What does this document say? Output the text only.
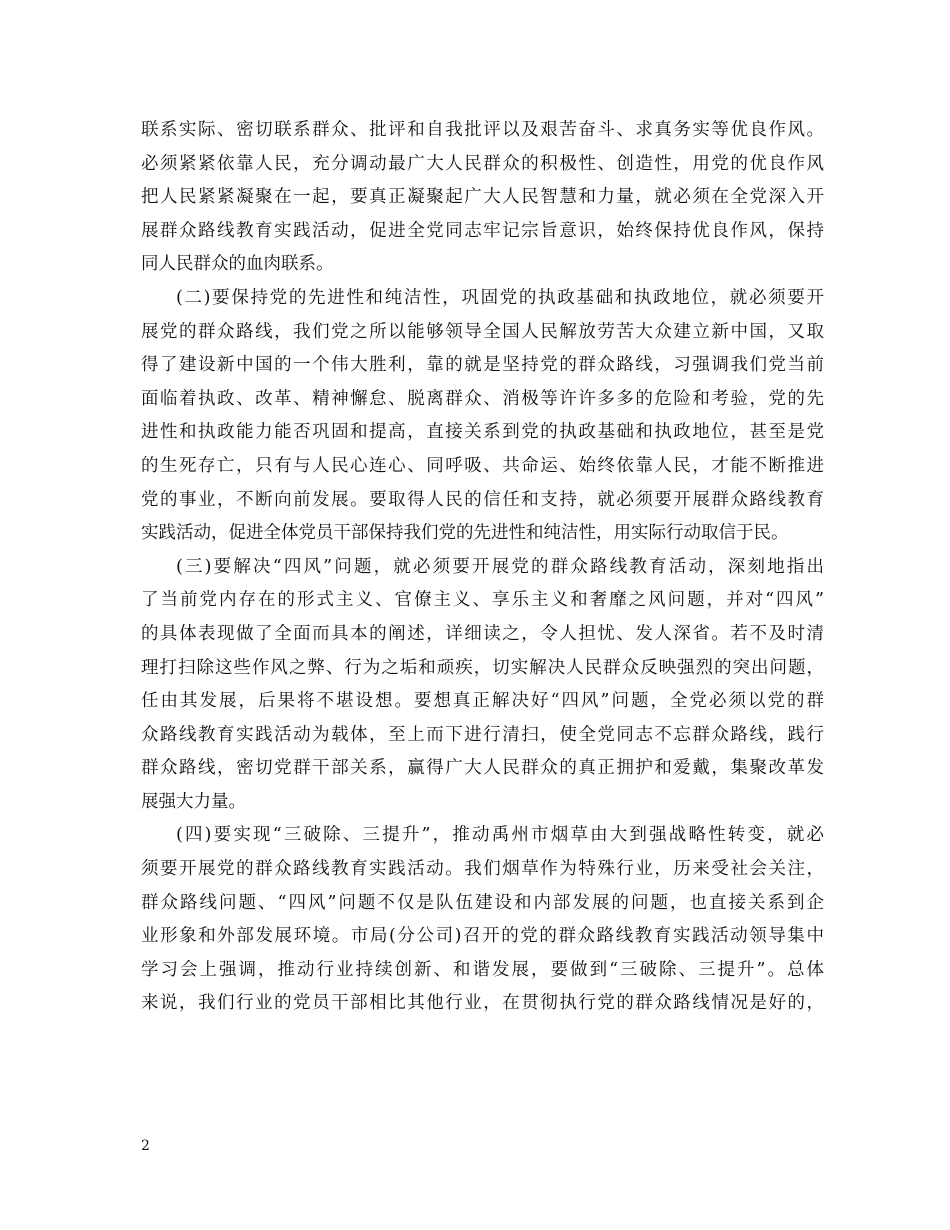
联系实际、密切联系群众、批评和自我批评以及艰苦奋斗、求真务实等优良作风。
必须紧紧依靠人民，充分调动最广大人民群众的积极性、创造性，用党的优良作风
把人民紧紧凝聚在一起，要真正凝聚起广大人民智慧和力量，就必须在全党深入开
展群众路线教育实践活动，促进全党同志牢记宗旨意识，始终保持优良作风，保持
同人民群众的血肉联系。
(二)要保持党的先进性和纯洁性，巩固党的执政基础和执政地位，就必须要开
展党的群众路线，我们党之所以能够领导全国人民解放劳苦大众建立新中国，又取
得了建设新中国的一个伟大胜利，靠的就是坚持党的群众路线，习强调我们党当前
面临着执政、改革、精神懈怠、脱离群众、消极等许许多多的危险和考验，党的先
进性和执政能力能否巩固和提高，直接关系到党的执政基础和执政地位，甚至是党
的生死存亡，只有与人民心连心、同呼吸、共命运、始终依靠人民，才能不断推进
党的事业，不断向前发展。要取得人民的信任和支持，就必须要开展群众路线教育
实践活动，促进全体党员干部保持我们党的先进性和纯洁性，用实际行动取信于民。
(三)要解决“四风”问题，就必须要开展党的群众路线教育活动，深刻地指出
了当前党内存在的形式主义、官僚主义、享乐主义和奢靡之风问题，并对“四风”
的具体表现做了全面而具本的阐述，详细读之，令人担忧、发人深省。若不及时清
理打扫除这些作风之弊、行为之垢和顽疾，切实解决人民群众反映强烈的突出问题，
任由其发展，后果将不堪设想。要想真正解决好“四风”问题，全党必须以党的群
众路线教育实践活动为载体，至上而下进行清扫，使全党同志不忘群众路线，践行
群众路线，密切党群干部关系，赢得广大人民群众的真正拥护和爱戴，集聚改革发
展强大力量。
(四)要实现“三破除、三提升”，推动禹州市烟草由大到强战略性转变，就必
须要开展党的群众路线教育实践活动。我们烟草作为特殊行业，历来受社会关注，
群众路线问题、“四风”问题不仅是队伍建设和内部发展的问题，也直接关系到企
业形象和外部发展环境。市局(分公司)召开的党的群众路线教育实践活动领导集中
学习会上强调，推动行业持续创新、和谐发展，要做到“三破除、三提升”。总体
来说，我们行业的党员干部相比其他行业，在贯彻执行党的群众路线情况是好的，
2
